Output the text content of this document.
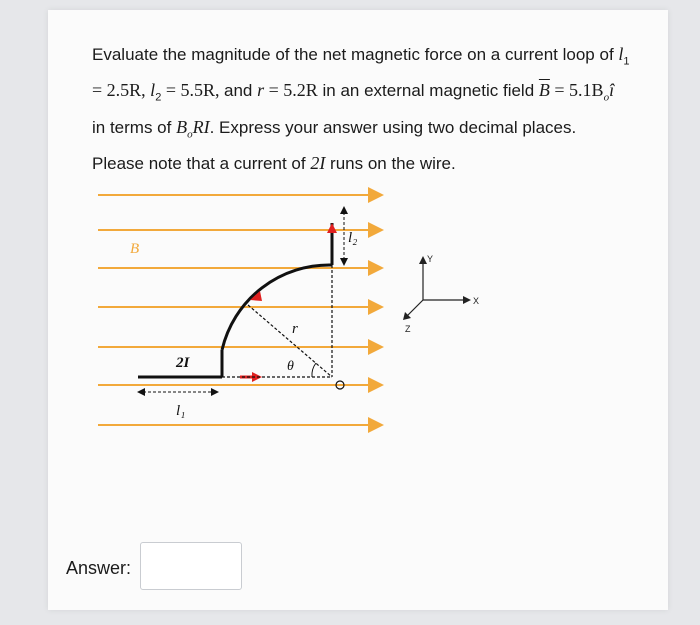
Evaluate the magnitude of the net magnetic force on a current loop of $l_1 = 2.5R$, $l_2 = 5.5R$, and r = 5.2R in an external magnetic field $\overline{B}$ = $5.1B_oî$ in terms of $B_oRI$. Express your answer using two decimal places. Please note that a current of 2I runs on the wire.
B
l₁
2I
r
θ
l₂
Y
X
Z
Answer:
